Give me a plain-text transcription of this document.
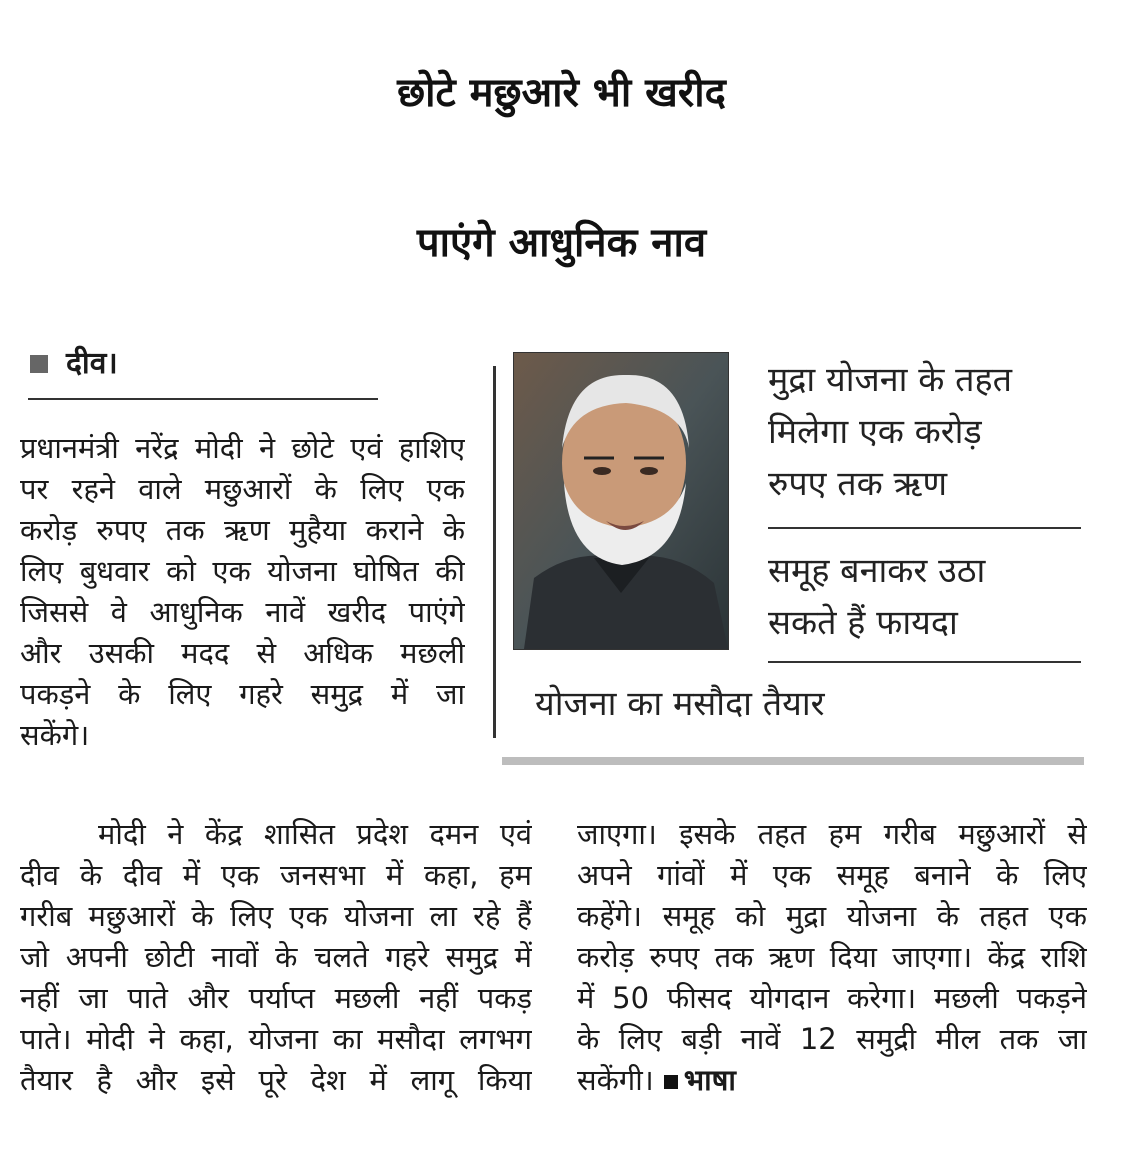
छोटे मछुआरे भी खरीद
पाएंगे आधुनिक नाव
दीव।
प्रधानमंत्री नरेंद्र मोदी ने छोटे एवं हाशिए
पर रहने वाले मछुआरों के लिए एक
करोड़ रुपए तक ऋण मुहैया कराने के
लिए बुधवार को एक योजना घोषित की
जिससे वे आधुनिक नावें खरीद पाएंगे
और उसकी मदद से अधिक मछली
पकड़ने के लिए गहरे समुद्र में जा
सकेंगे।
मुद्रा योजना के तहत
मिलेगा एक करोड़
रुपए तक ऋण
समूह बनाकर उठा
सकते हैं फायदा
योजना का मसौदा तैयार
मोदी ने केंद्र शासित प्रदेश दमन एवं
दीव के दीव में एक जनसभा में कहा, हम
गरीब मछुआरों के लिए एक योजना ला रहे हैं
जो अपनी छोटी नावों के चलते गहरे समुद्र में
नहीं जा पाते और पर्याप्त मछली नहीं पकड़
पाते। मोदी ने कहा, योजना का मसौदा लगभग
तैयार है और इसे पूरे देश में लागू किया
जाएगा। इसके तहत हम गरीब मछुआरों से
अपने गांवों में एक समूह बनाने के लिए
कहेंगे। समूह को मुद्रा योजना के तहत एक
करोड़ रुपए तक ऋण दिया जाएगा। केंद्र राशि
में 50 फीसद योगदान करेगा। मछली पकड़ने
के लिए बड़ी नावें 12 समुद्री मील तक जा
सकेंगी। भाषा
